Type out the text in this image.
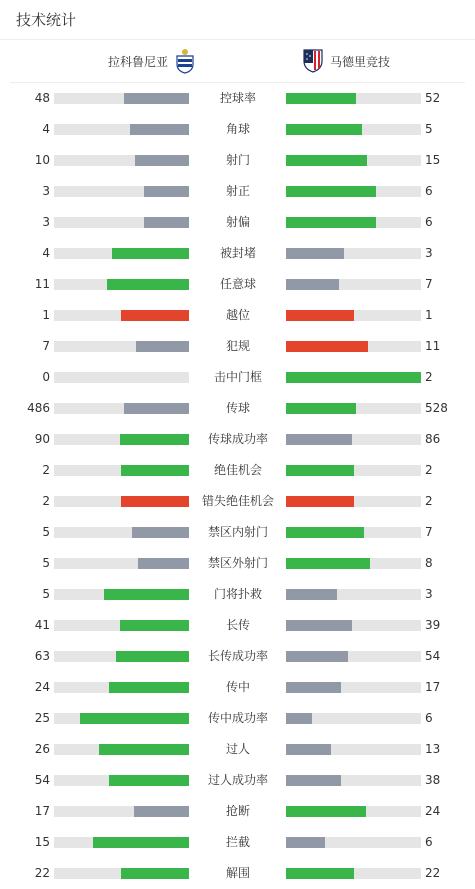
技术统计
拉科鲁尼亚	马德里竞技
48	控球率	52
4	角球	5
10	射门	15
3	射正	6
3	射偏	6
4	被封堵	3
11	任意球	7
1	越位	1
7	犯规	11
0	击中门框	2
486	传球	528
90	传球成功率	86
2	绝佳机会	2
2	错失绝佳机会	2
5	禁区内射门	7
5	禁区外射门	8
5	门将扑救	3
41	长传	39
63	长传成功率	54
24	传中	17
25	传中成功率	6
26	过人	13
54	过人成功率	38
17	抢断	24
15	拦截	6
22	解围	22
